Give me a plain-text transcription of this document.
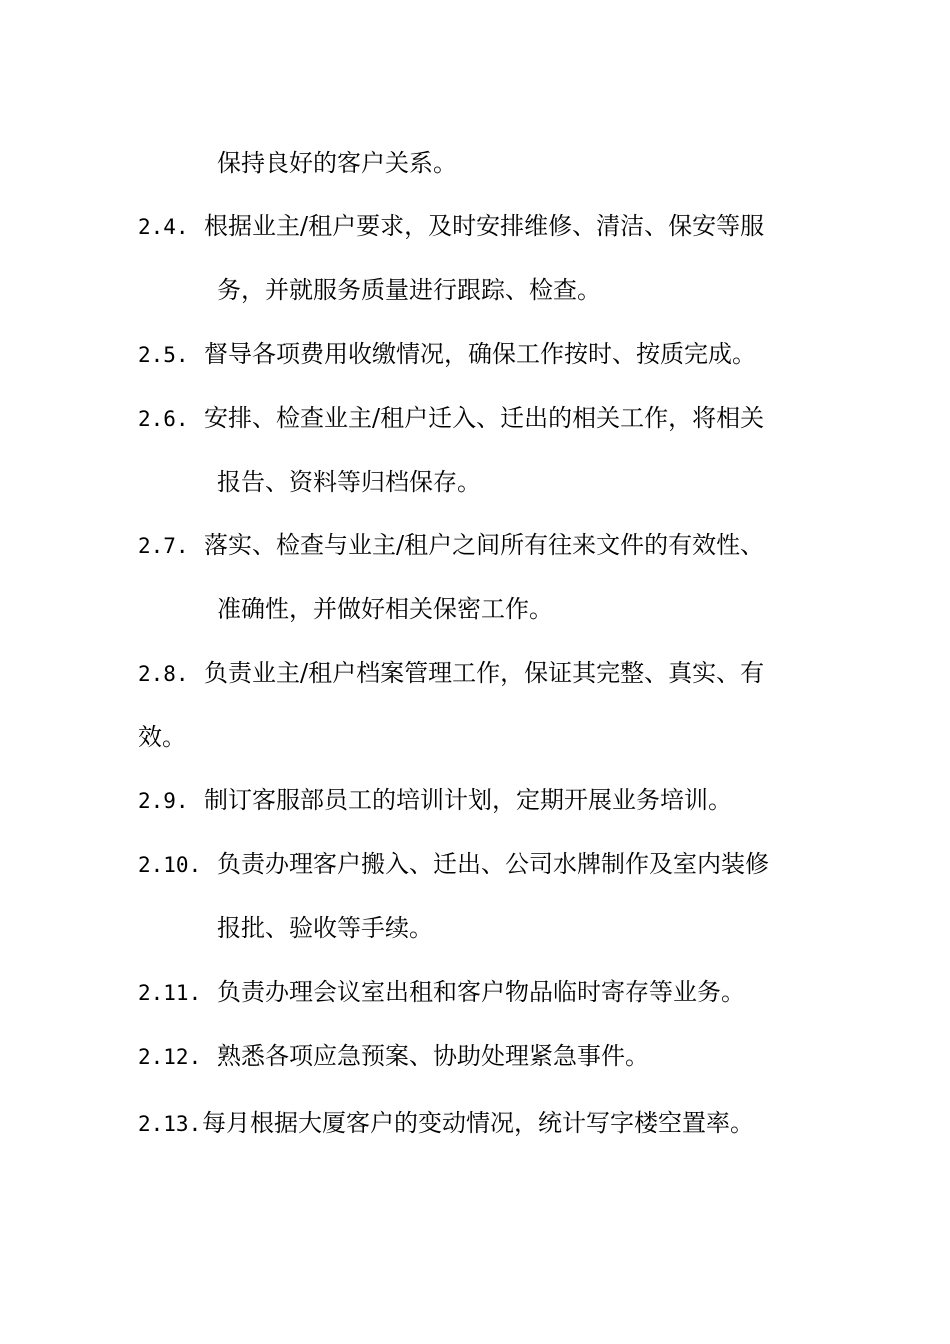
保持良好的客户关系。
2.4. 根据业主/租户要求，及时安排维修、清洁、保安等服
务，并就服务质量进行跟踪、检查。
2.5. 督导各项费用收缴情况，确保工作按时、按质完成。
2.6. 安排、检查业主/租户迁入、迁出的相关工作，将相关
报告、资料等归档保存。
2.7. 落实、检查与业主/租户之间所有往来文件的有效性、
准确性，并做好相关保密工作。
2.8. 负责业主/租户档案管理工作，保证其完整、真实、有
效。
2.9. 制订客服部员工的培训计划，定期开展业务培训。
2.10. 负责办理客户搬入、迁出、公司水牌制作及室内装修
报批、验收等手续。
2.11. 负责办理会议室出租和客户物品临时寄存等业务。
2.12. 熟悉各项应急预案、协助处理紧急事件。
2.13.每月根据大厦客户的变动情况，统计写字楼空置率。
